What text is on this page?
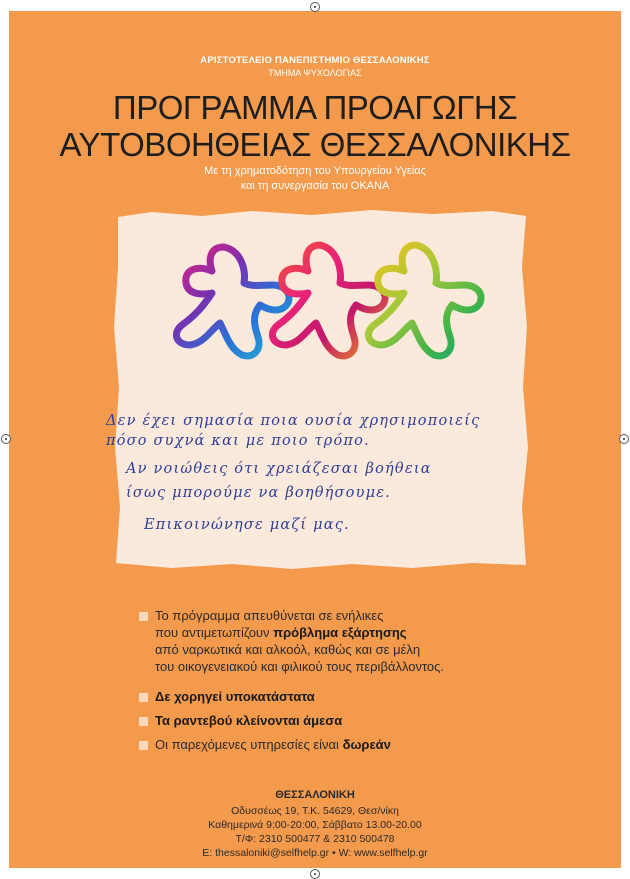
ΑΡΙΣΤΟΤΕΛΕΙΟ ΠΑΝΕΠΙΣΤΗΜΙΟ ΘΕΣΣΑΛΟΝΙΚΗΣ
ΤΜΗΜΑ ΨΥΧΟΛΟΓΙΑΣ
ΠΡΟΓΡΑΜΜΑ ΠΡΟΑΓΩΓΗΣ
ΑΥΤΟΒΟΗΘΕΙΑΣ ΘΕΣΣΑΛΟΝΙΚΗΣ
Με τη χρηματοδότηση του Υπουργείου Υγείας
και τη συνεργασία του ΟΚΑΝΑ
Δεν έχει σημασία ποια ουσία χρησιμοποιείς
πόσο συχνά και με ποιο τρόπο.
Αν νοιώθεις ότι χρειάζεσαι βοήθεια
ίσως μπορούμε να βοηθήσουμε.
Επικοινώνησε μαζί μας.
Το πρόγραμμα απευθύνεται σε ενήλικες
που αντιμετωπίζουν πρόβλημα εξάρτησης
από ναρκωτικά και αλκοόλ, καθώς και σε μέλη
του οικογενειακού και φιλικού τους περιβάλλοντος.
Δε χορηγεί υποκατάστατα
Τα ραντεβού κλείνονται άμεσα
Οι παρεχόμενες υπηρεσίες είναι δωρεάν
ΘΕΣΣΑΛΟΝΙΚΗ
Οδυσσέως 19, Τ.Κ. 54629, Θεσ/νίκη
Καθημερινά 9:00-20:00, Σάββατο 13.00-20.00
Τ/Φ: 2310 500477 & 2310 500478
E: thessaloniki@selfhelp.gr • W: www.selfhelp.gr
